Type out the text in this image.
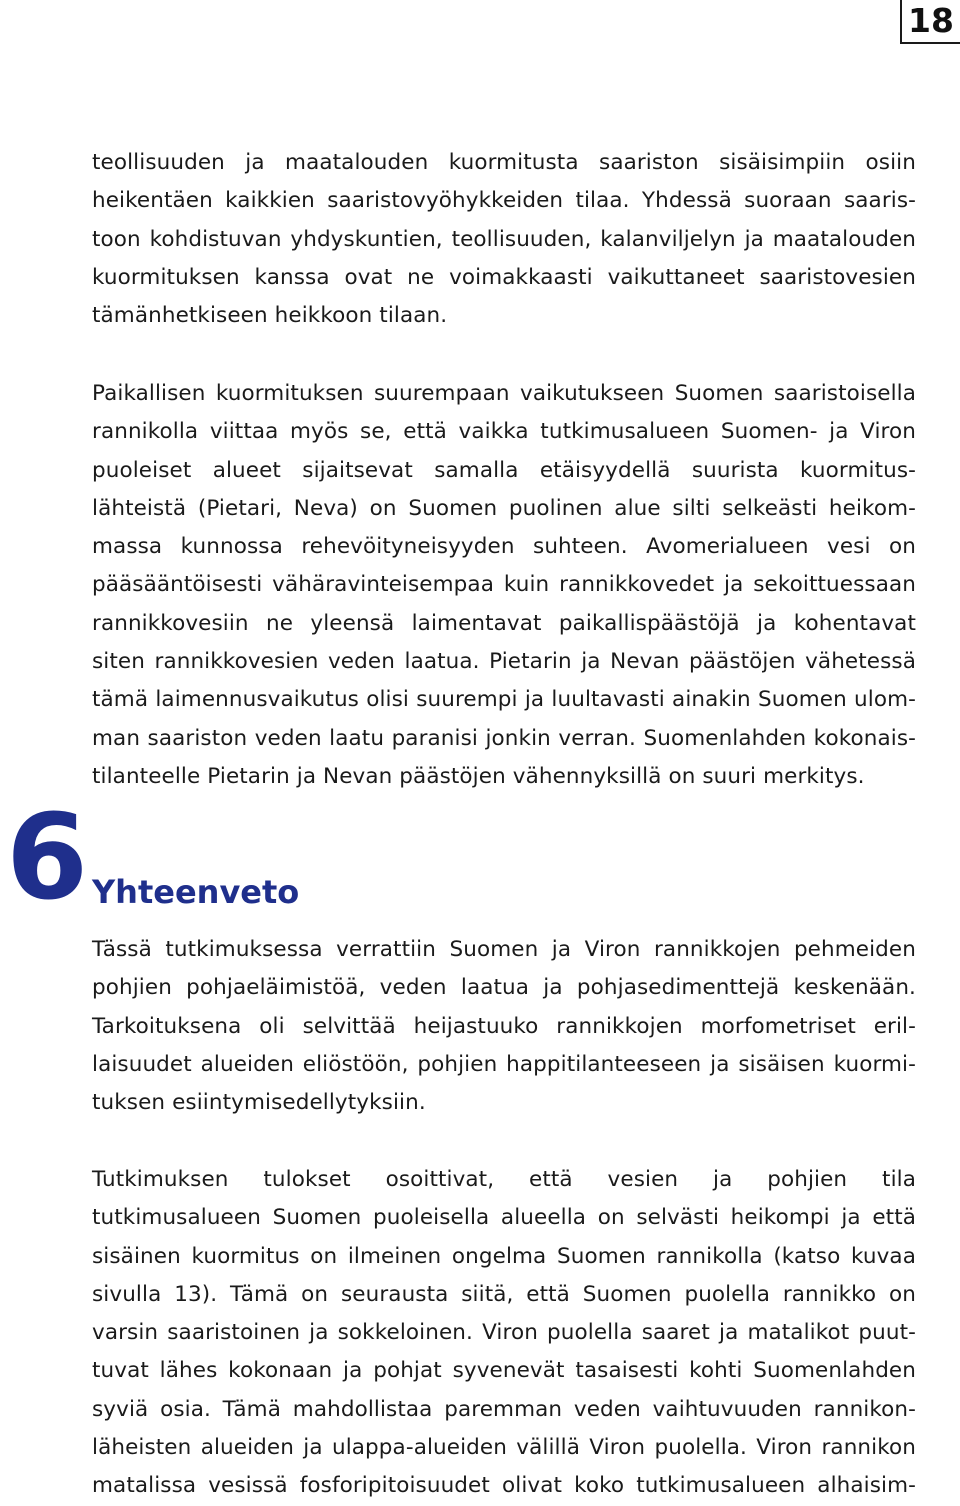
18
teollisuuden ja maatalouden kuormitusta saariston sisäisimpiin osiin
heikentäen kaikkien saaristovyöhykkeiden tilaa. Yhdessä suoraan saaris-
toon kohdistuvan yhdyskuntien, teollisuuden, kalanviljelyn ja maatalouden
kuormituksen kanssa ovat ne voimakkaasti vaikuttaneet saaristovesien
tämänhetkiseen heikkoon tilaan.
Paikallisen kuormituksen suurempaan vaikutukseen Suomen saaristoisella
rannikolla viittaa myös se, että vaikka tutkimusalueen Suomen- ja Viron
puoleiset alueet sijaitsevat samalla etäisyydellä suurista kuormitus-
lähteistä (Pietari, Neva) on Suomen puolinen alue silti selkeästi heikom-
massa kunnossa rehevöityneisyyden suhteen. Avomerialueen vesi on
pääsääntöisesti vähäravinteisempaa kuin rannikkovedet ja sekoittuessaan
rannikkovesiin ne yleensä laimentavat paikallispäästöjä ja kohentavat
siten rannikkovesien veden laatua. Pietarin ja Nevan päästöjen vähetessä
tämä laimennusvaikutus olisi suurempi ja luultavasti ainakin Suomen ulom-
man saariston veden laatu paranisi jonkin verran. Suomenlahden kokonais-
tilanteelle Pietarin ja Nevan päästöjen vähennyksillä on suuri merkitys.
6 Yhteenveto
Tässä tutkimuksessa verrattiin Suomen ja Viron rannikkojen pehmeiden
pohjien pohjaeläimistöä, veden laatua ja pohjasedimenttejä keskenään.
Tarkoituksena oli selvittää heijastuuko rannikkojen morfometriset eril-
laisuudet alueiden eliöstöön, pohjien happitilanteeseen ja sisäisen kuormi-
tuksen esiintymisedellytyksiin.
Tutkimuksen tulokset osoittivat, että vesien ja pohjien tila
tutkimusalueen Suomen puoleisella alueella on selvästi heikompi ja että
sisäinen kuormitus on ilmeinen ongelma Suomen rannikolla (katso kuvaa
sivulla 13). Tämä on seurausta siitä, että Suomen puolella rannikko on
varsin saaristoinen ja sokkeloinen. Viron puolella saaret ja matalikot puut-
tuvat lähes kokonaan ja pohjat syvenevät tasaisesti kohti Suomenlahden
syviä osia. Tämä mahdollistaa paremman veden vaihtuvuuden rannikon-
läheisten alueiden ja ulappa-alueiden välillä Viron puolella. Viron rannikon
matalissa vesissä fosforipitoisuudet olivat koko tutkimusalueen alhaisim-
